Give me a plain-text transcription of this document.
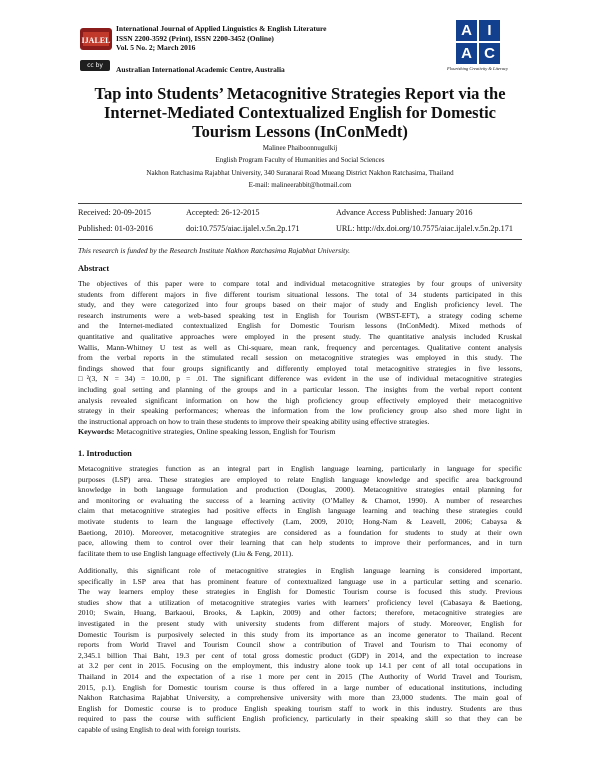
IJALEL
cc by
International Journal of Applied Linguistics & English Literature
ISSN 2200-3592 (Print), ISSN 2200-3452 (Online)
Vol. 5 No. 2; March 2016
Australian International Academic Centre, Australia
A	I
A C
Flourishing Creativity & Literacy
Tap into Students’ Metacognitive Strategies Report via the
Internet-Mediated Contextualized English for Domestic
Tourism Lessons (InConMedt)
Malinee Phaiboonnugulkij
English Program Faculty of Humanities and Social Sciences
Nakhon Ratchasima Rajabhat University, 340 Suranarai Road Mueang District Nakhon Ratchasima, Thailand
E-mail: malineerabbit@hotmail.com
Received: 20-09-2015	Accepted: 26-12-2015	Advance Access Published: January 2016
Published: 01-03-2016	doi:10.7575/aiac.ijalel.v.5n.2p.171	URL: http://dx.doi.org/10.7575/aiac.ijalel.v.5n.2p.171
This research is funded by the Research Institute Nakhon Ratchasima Rajabhat University.
Abstract
The objectives of this paper were to compare total and individual metacognitive strategies by four groups of university
students from different majors in five different tourism situational lessons. The total of 34 students participated in this
study, and they were categorized into four groups based on their major of study and English proficiency level. The
research instruments were a web-based speaking test in English for Tourism (WBST-EFT), a strategy coding scheme
and the Internet-mediated contextualized English for Domestic Tourism lessons (InConMedt). Mixed methods of
quantitative and qualitative approaches were employed in the present study. The quantitative analysis included Kruskal
Wallis, Mann-Whitney U test as well as Chi-square, mean rank, frequency and percentages. Qualitative content analysis
from the verbal reports in the stimulated recall session on metacognitive strategies was employed in this study. The
findings showed that four groups significantly and differently employed total metacognitive strategies in five lessons,
□²(3, N = 34) = 10.00, p = .01. The significant difference was evident in the use of individual metacognitive strategies
including goal setting and planning of the groups and in a particular lesson. The insights from the verbal report content
analysis revealed significant information on how the high proficiency group effectively employed their metacognitive
strategy in their speaking performances; whereas the information from the low proficiency group also shed more light in
the instructional approach on how to train these students to improve their speaking ability using effective strategies.
Keywords: Metacognitive strategies, Online speaking lesson, English for Tourism
1. Introduction
Metacognitive strategies function as an integral part in English language learning, particularly in language for specific
purposes (LSP) area. These strategies are employed to relate English language knowledge and specific area background
knowledge in both language formulation and production (Douglas, 2000). Metacognitive strategies entail planning for
and monitoring or evaluating the success of a learning activity (O’Malley & Chamot, 1990). A number of researches
claim that metacognitive strategies had positive effects in English language learning and teaching these strategies could
motivate students to learn the language effectively (Lam, 2009, 2010; Hong-Nam & Leavell, 2006; Cabaysa &
Baetiong, 2010). Moreover, metacognitive strategies are considered as a foundation for students to study at their own
pace, allowing them to control over their learning that can help students to improve their performances, and in turn
facilitate them to use English language effectively (Liu & Feng, 2011).
Additionally, this significant role of metacognitive strategies in English language learning is considered important,
specifically in LSP area that has prominent feature of contextualized language use in a particular setting and scenario.
The way learners employ these strategies in English for Domestic Tourism course is focused this study. Previous
studies show that a utilization of metacognitive strategies varies with learners’ proficiency level (Cabasaya & Baetiong,
2010; Swain, Huang, Barkaoui, Brooks, & Lapkin, 2009) and other factors; therefore, metacognitive strategies are
investigated in the present study with university students from different majors of study. Moreover, English for
Domestic Tourism is purposively selected in this study from its importance as an income generator to Thailand. Recent
reports from World Travel and Tourism Council show a contribution of Travel and Tourism to Thai economy of
2,345.1 billion Thai Baht, 19.3 per cent of total gross domestic product (GDP) in 2014, and the expectation to increase
at 3.2 per cent in 2015. Focusing on the employment, this industry alone took up 14.1 per cent of all total occupations in
Thailand in 2014 and the expectation of a rise 1 more per cent in 2015 (The Authority of World Travel and Tourism,
2015, p.1). English for Domestic tourism course is thus offered in a large number of educational institutions, including
Nakhon Ratchasima Rajabhat University, a comprehensive university with more than 23,000 students. The main goal of
English for Domestic course is to produce English speaking tourism staff to work in this industry. Students are thus
required to pass the course with sufficient English proficiency, particularly in their speaking skill so that they can be
capable of using English to deal with foreign tourists.
